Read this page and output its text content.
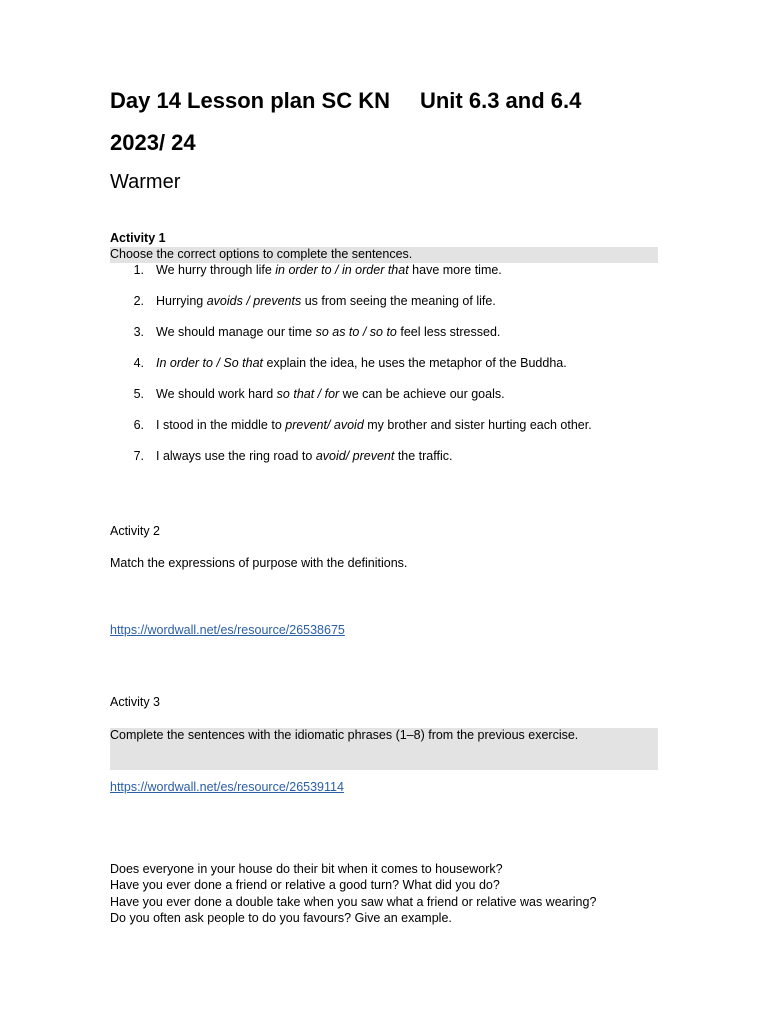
Day 14 Lesson plan SC KN Unit 6.3 and 6.4
2023/ 24
Warmer
Activity 1
Choose the correct options to complete the sentences.
1. We hurry through life in order to / in order that have more time.
2. Hurrying avoids / prevents us from seeing the meaning of life.
3. We should manage our time so as to / so to feel less stressed.
4. In order to / So that explain the idea, he uses the metaphor of the Buddha.
5. We should work hard so that / for we can be achieve our goals.
6. I stood in the middle to prevent/ avoid my brother and sister hurting each other.
7. I always use the ring road to avoid/ prevent the traffic.
Activity 2
Match the expressions of purpose with the definitions.
https://wordwall.net/es/resource/26538675
Activity 3
Complete the sentences with the idiomatic phrases (1–8) from the previous exercise.
https://wordwall.net/es/resource/26539114
Does everyone in your house do their bit when it comes to housework?
Have you ever done a friend or relative a good turn? What did you do?
Have you ever done a double take when you saw what a friend or relative was wearing?
Do you often ask people to do you favours? Give an example.
